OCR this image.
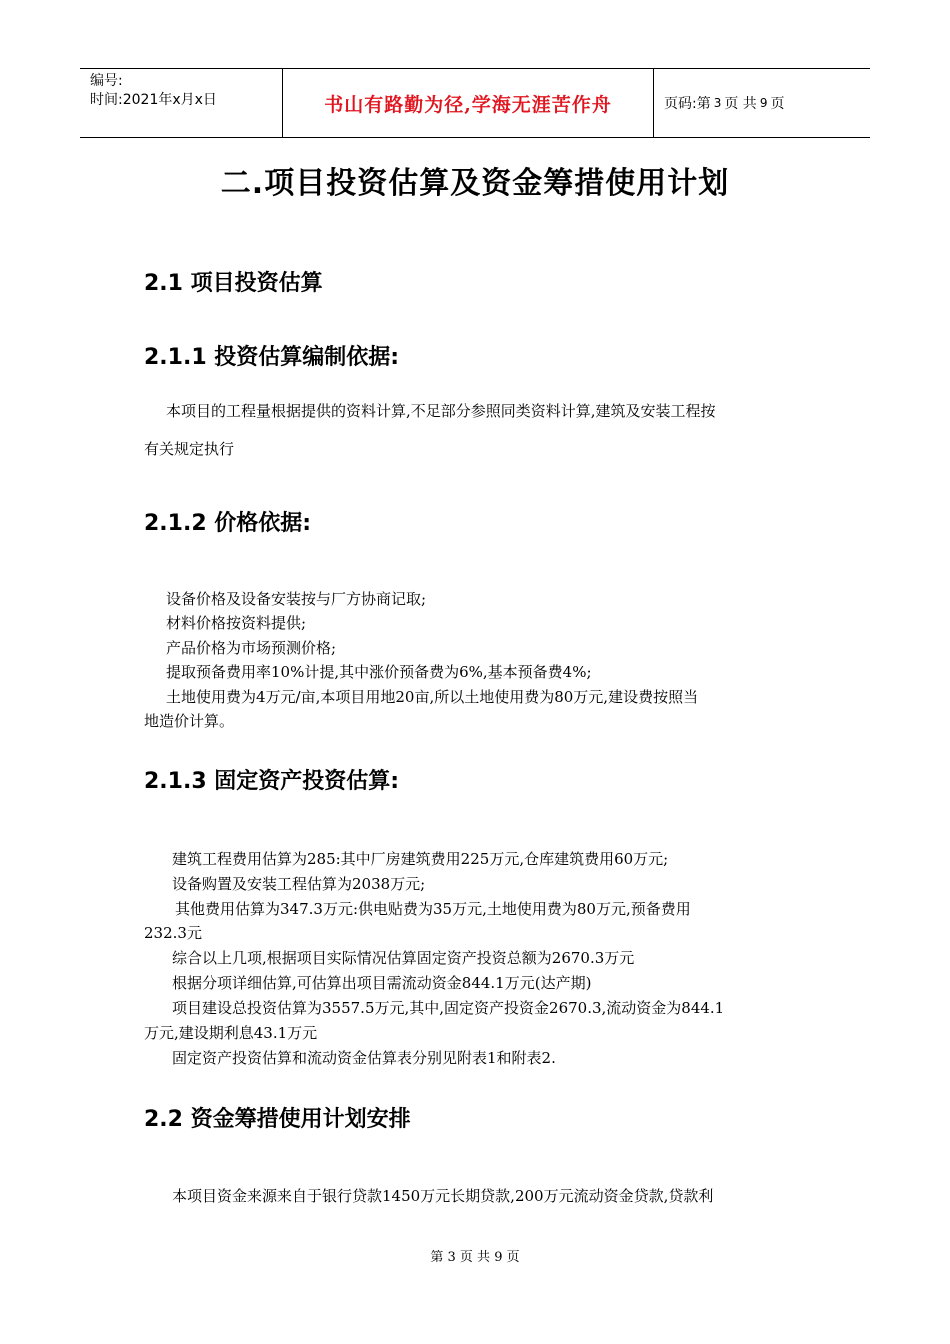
编号:
时间:2021年x月x日	书山有路勤为径,学海无涯苦作舟	页码:第 3 页 共 9 页
二.项目投资估算及资金筹措使用计划
2.1 项目投资估算
2.1.1 投资估算编制依据:

本项目的工程量根据提供的资料计算,不足部分参照同类资料计算,建筑及安装工程按

有关规定执行

2.1.2 价格依据:

设备价格及设备安装按与厂方协商记取;

材料价格按资料提供;

产品价格为市场预测价格;

提取预备费用率10%计提,其中涨价预备费为6%,基本预备费4%;

土地使用费为4万元/亩,本项目用地20亩,所以土地使用费为80万元,建设费按照当

地造价计算。

2.1.3 固定资产投资估算:

建筑工程费用估算为285:其中厂房建筑费用225万元,仓库建筑费用60万元;

设备购置及安装工程估算为2038万元;

其他费用估算为347.3万元:供电贴费为35万元,土地使用费为80万元,预备费用

232.3元

综合以上几项,根据项目实际情况估算固定资产投资总额为2670.3万元

根据分项详细估算,可估算出项目需流动资金844.1万元(达产期)

项目建设总投资估算为3557.5万元,其中,固定资产投资金2670.3,流动资金为844.1

万元,建设期利息43.1万元

固定资产投资估算和流动资金估算表分别见附表1和附表2.

2.2 资金筹措使用计划安排

本项目资金来源来自于银行贷款1450万元长期贷款,200万元流动资金贷款,贷款利

第 3 页 共 9 页
